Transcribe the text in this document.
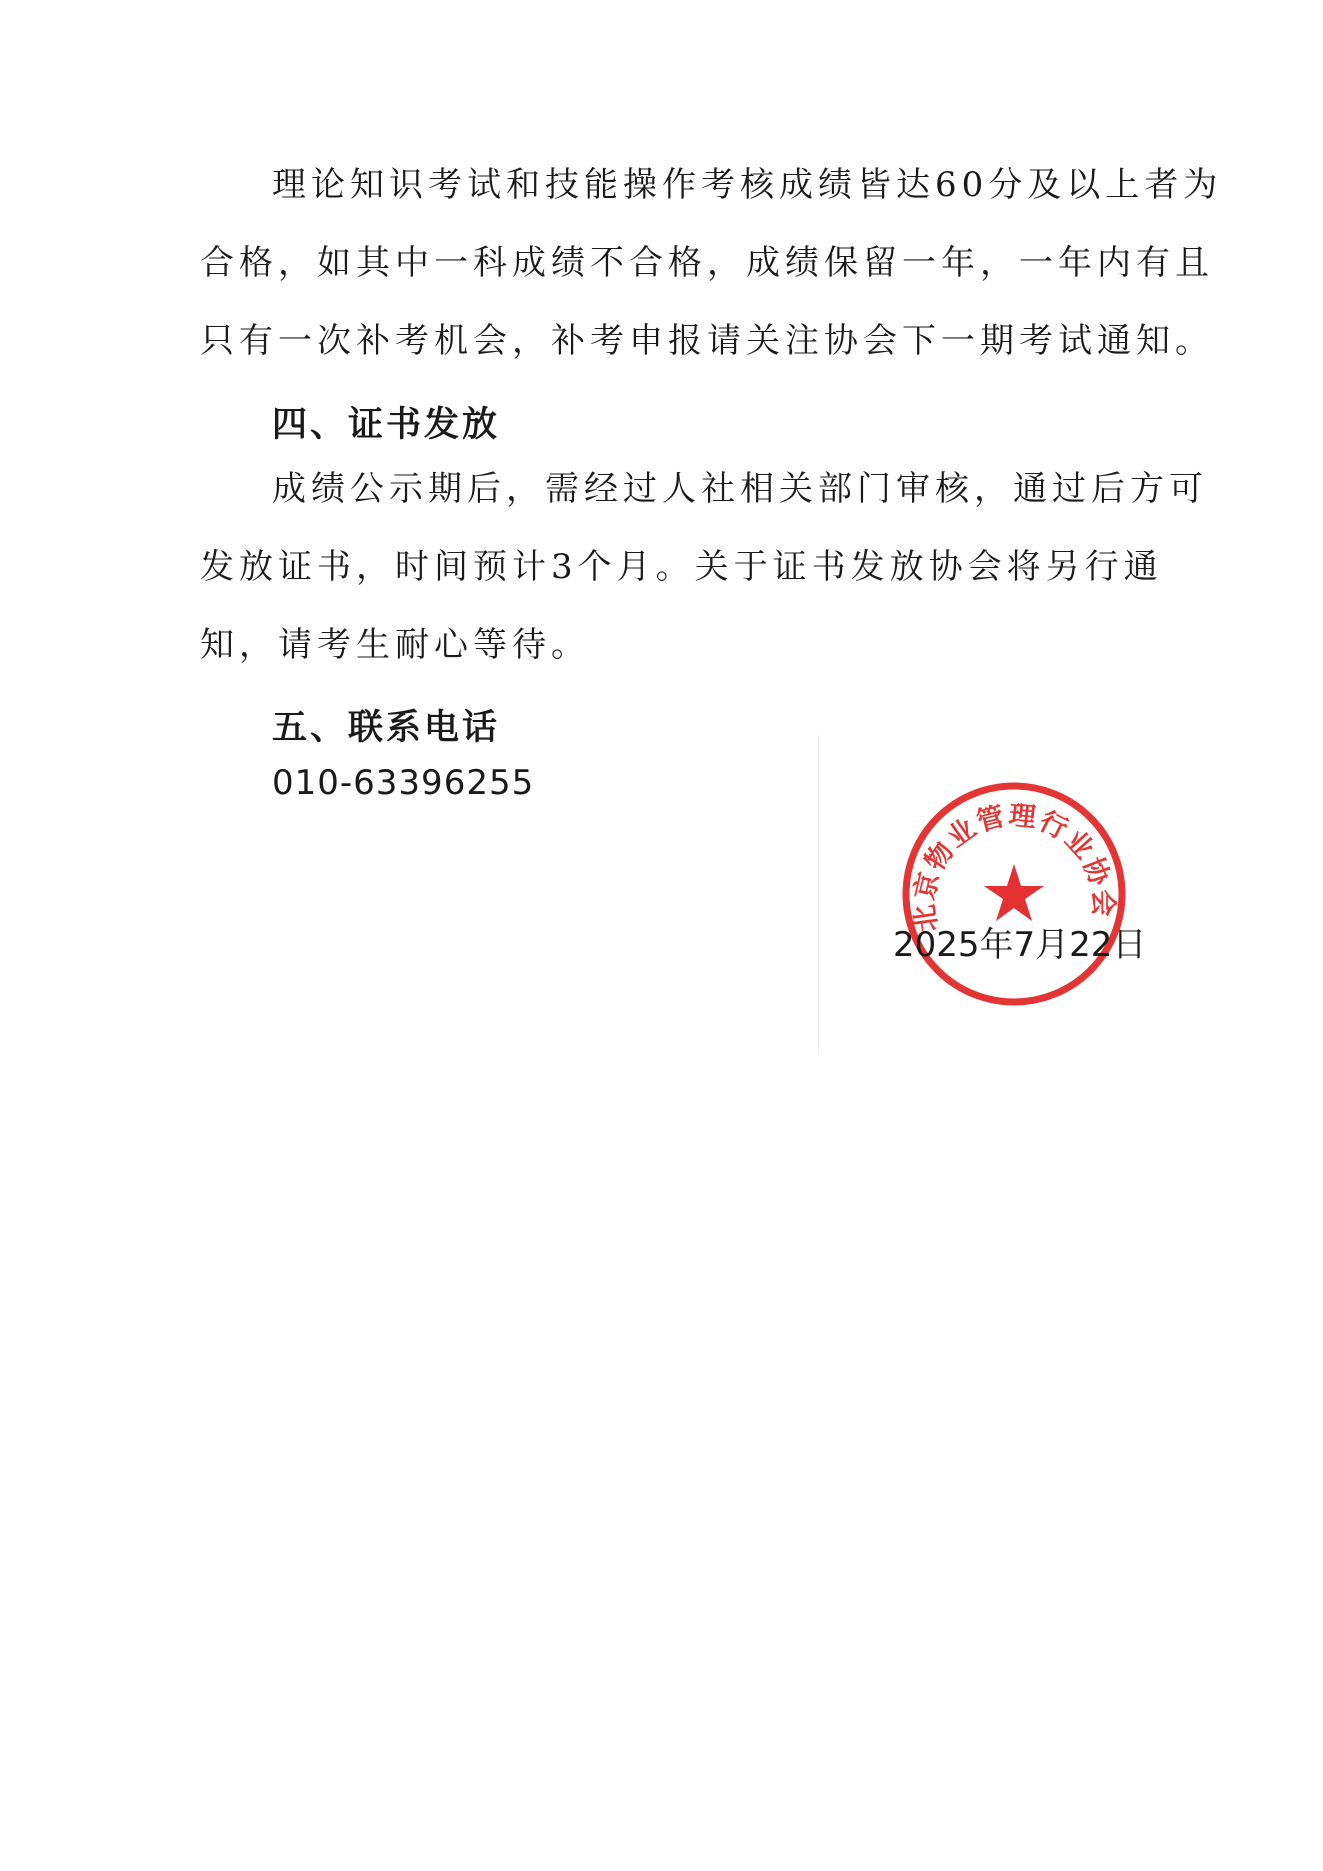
理论知识考试和技能操作考核成绩皆达60分及以上者为合格，如其中一科成绩不合格，成绩保留一年，一年内有且只有一次补考机会，补考申报请关注协会下一期考试通知。

四、证书发放

成绩公示期后，需经过人社相关部门审核，通过后方可发放证书，时间预计3个月。关于证书发放协会将另行通知，请考生耐心等待。

五、联系电话
010-63396255
北京物业管理行业协会
2025年7月22日
